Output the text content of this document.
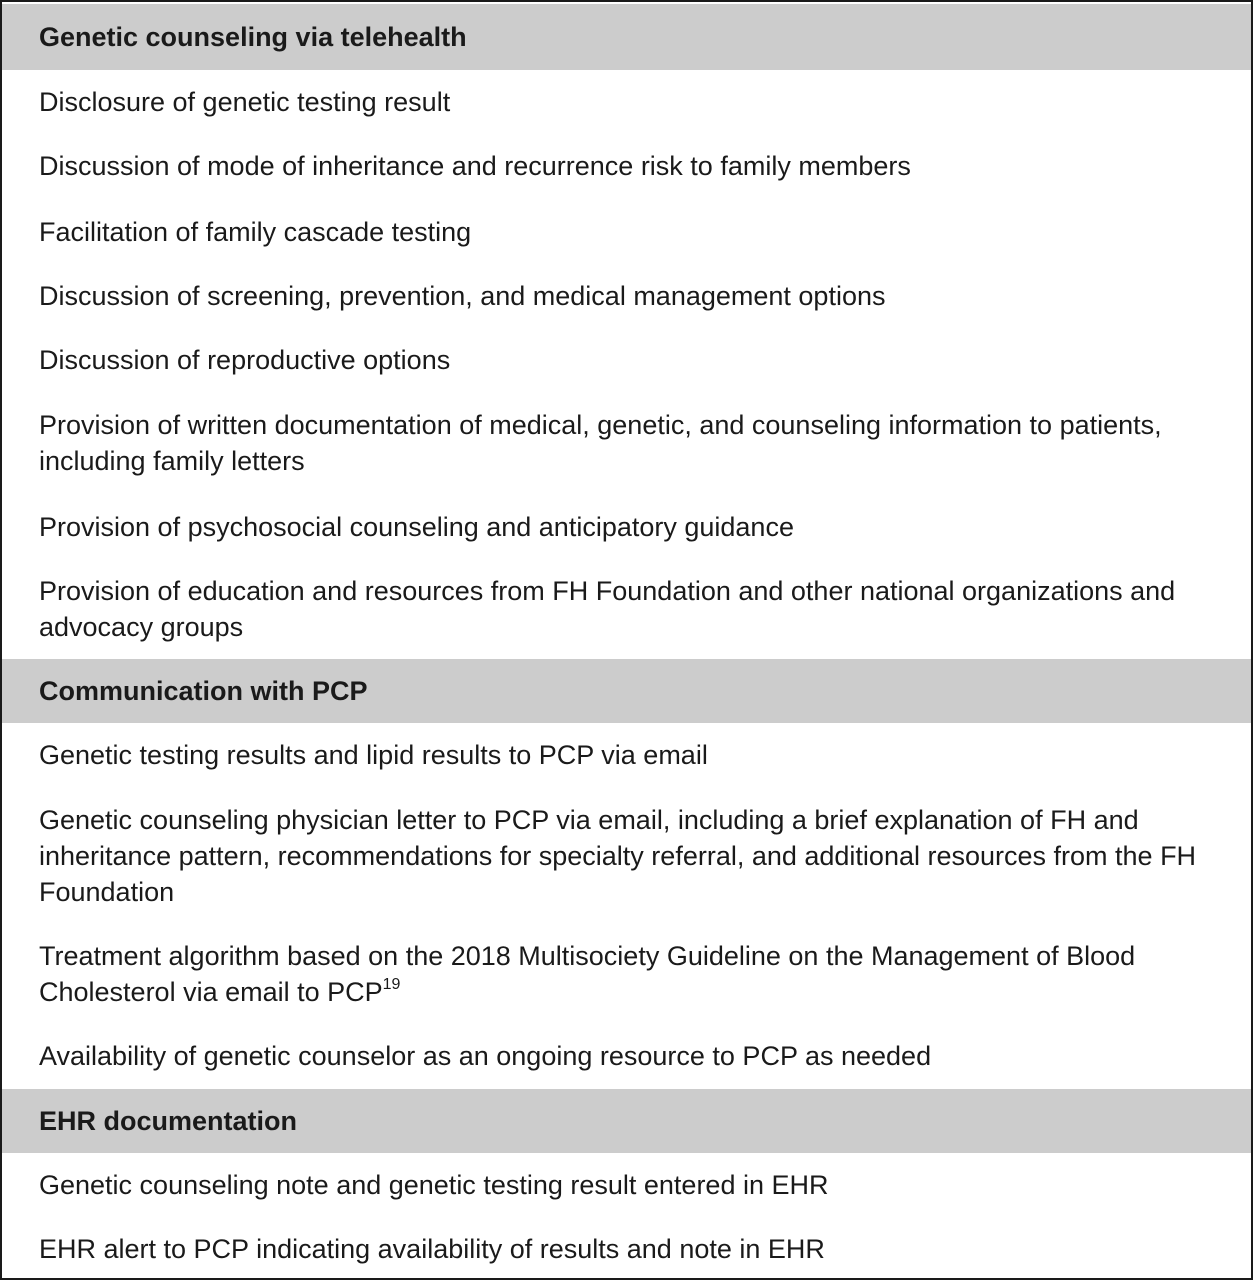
Genetic counseling via telehealth
Disclosure of genetic testing result
Discussion of mode of inheritance and recurrence risk to family members
Facilitation of family cascade testing
Discussion of screening, prevention, and medical management options
Discussion of reproductive options
Provision of written documentation of medical, genetic, and counseling information to patients, including family letters
Provision of psychosocial counseling and anticipatory guidance
Provision of education and resources from FH Foundation and other national organizations and advocacy groups
Communication with PCP
Genetic testing results and lipid results to PCP via email
Genetic counseling physician letter to PCP via email, including a brief explanation of FH and inheritance pattern, recommendations for specialty referral, and additional resources from the FH Foundation
Treatment algorithm based on the 2018 Multisociety Guideline on the Management of Blood Cholesterol via email to PCP$^{19}$
Availability of genetic counselor as an ongoing resource to PCP as needed
EHR documentation
Genetic counseling note and genetic testing result entered in EHR
EHR alert to PCP indicating availability of results and note in EHR
